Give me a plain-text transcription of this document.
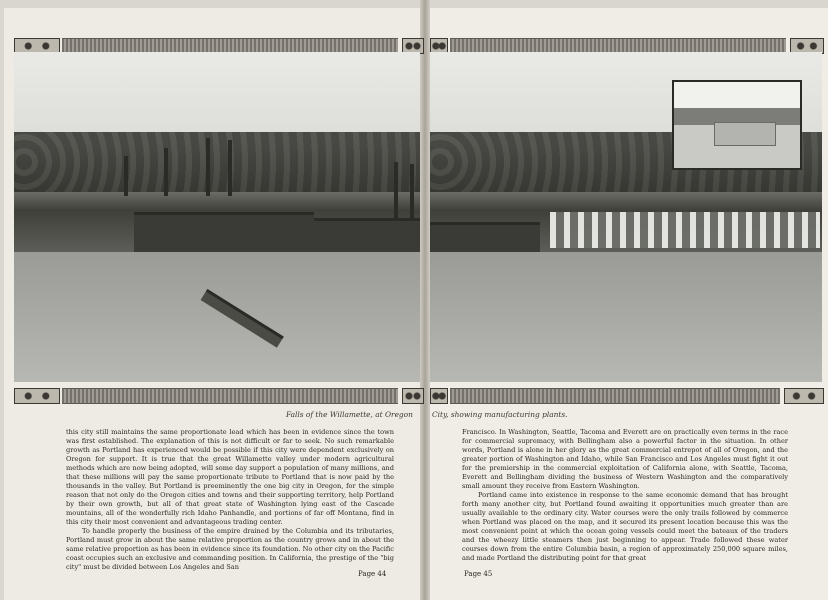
Falls of the Willamette, at Oregon	City, showing manufacturing plants.

this city still maintains the same proportionate lead which has been in evidence since the town was first established. The explanation of this is not difficult or far to seek. No such remarkable growth as Portland has experienced would be possible if this city were dependent exclusively on Oregon for support. It is true that the great Willamette valley under modern agricultural methods which are now being adopted, will some day support a population of many millions, and that these millions will pay the same proportionate tribute to Portland that is now paid by the thousands in the valley. But Portland is preeminently the one big city in Oregon, for the simple reason that not only do the Oregon cities and towns and their supporting territory, help Portland by their own growth, but all of that great state of Washington lying east of the Cascade mountains, all of the wonderfully rich Idaho Panhandle, and portions of far off Montana, find in this city their most convenient and advantageous trading center.

To handle properly the business of the empire drained by the Columbia and its tributaries, Portland must grow in about the same relative proportion as the country grows and in about the same relative proportion as has been in evidence since its foundation. No other city on the Pacific coast occupies such an exclusive and commanding position. In California, the prestige of the "big city" must be divided between Los Angeles and San

Francisco. In Washington, Seattle, Tacoma and Everett are on practically even terms in the race for commercial supremacy, with Bellingham also a powerful factor in the situation. In other words, Portland is alone in her glory as the great commercial entrepot of all of Oregon, and the greater portion of Washington and Idaho, while San Francisco and Los Angeles must fight it out for the premiership in the commercial exploitation of California alone, with Seattle, Tacoma, Everett and Bellingham dividing the business of Western Washington and the comparatively small amount they receive from Eastern Washington.

Portland came into existence in response to the same economic demand that has brought forth many another city, but Portland found awaiting it opportunities much greater than are usually available to the ordinary city. Water courses were the only trails followed by commerce when Portland was placed on the map, and it secured its present location because this was the most convenient point at which the ocean going vessels could meet the bateaux of the traders and the wheezy little steamers then just beginning to appear. Trade followed these water courses down from the entire Columbia basin, a region of approximately 250,000 square miles, and made Portland the distributing point for that great

Page 44	Page 45
